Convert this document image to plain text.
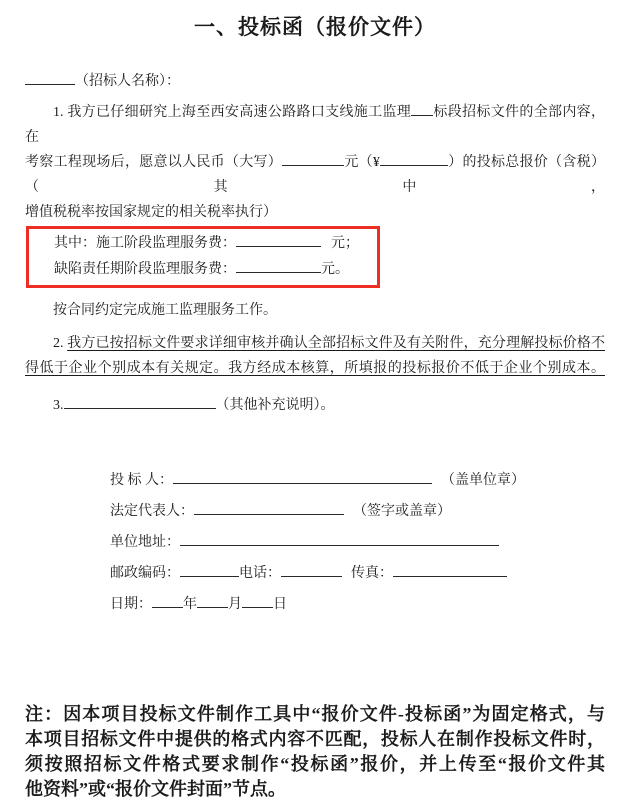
一、投标函（报价文件）
（招标人名称）：
1. 我方已仔细研究上海至西安高速公路路口支线施工监理 标段招标文件的全部内容，在
考察工程现场后，愿意以人民币（大写）	元（¥	）的投标总报价（含税）（其中，
增值税税率按国家规定的相关税率执行）
其中：施工阶段监理服务费：	元；
缺陷责任期阶段监理服务费：	元。
按合同约定完成施工监理服务工作。
2. 我方已按招标文件要求详细审核并确认全部招标文件及有关附件，充分理解投标价格不
得低于企业个别成本有关规定。我方经成本核算，所填报的投标报价不低于企业个别成本。
3.	（其他补充说明）。
投 标 人：	（盖单位章）
法定代表人：	（签字或盖章）
单位地址：
邮政编码：	电话：	传真：
日期： 年 月 日
注：因本项目投标文件制作工具中“报价文件-投标函”为固定格式，与
本项目招标文件中提供的格式内容不匹配，投标人在制作投标文件时，
须按照招标文件格式要求制作“投标函”报价，并上传至“报价文件其
他资料”或“报价文件封面”节点。
